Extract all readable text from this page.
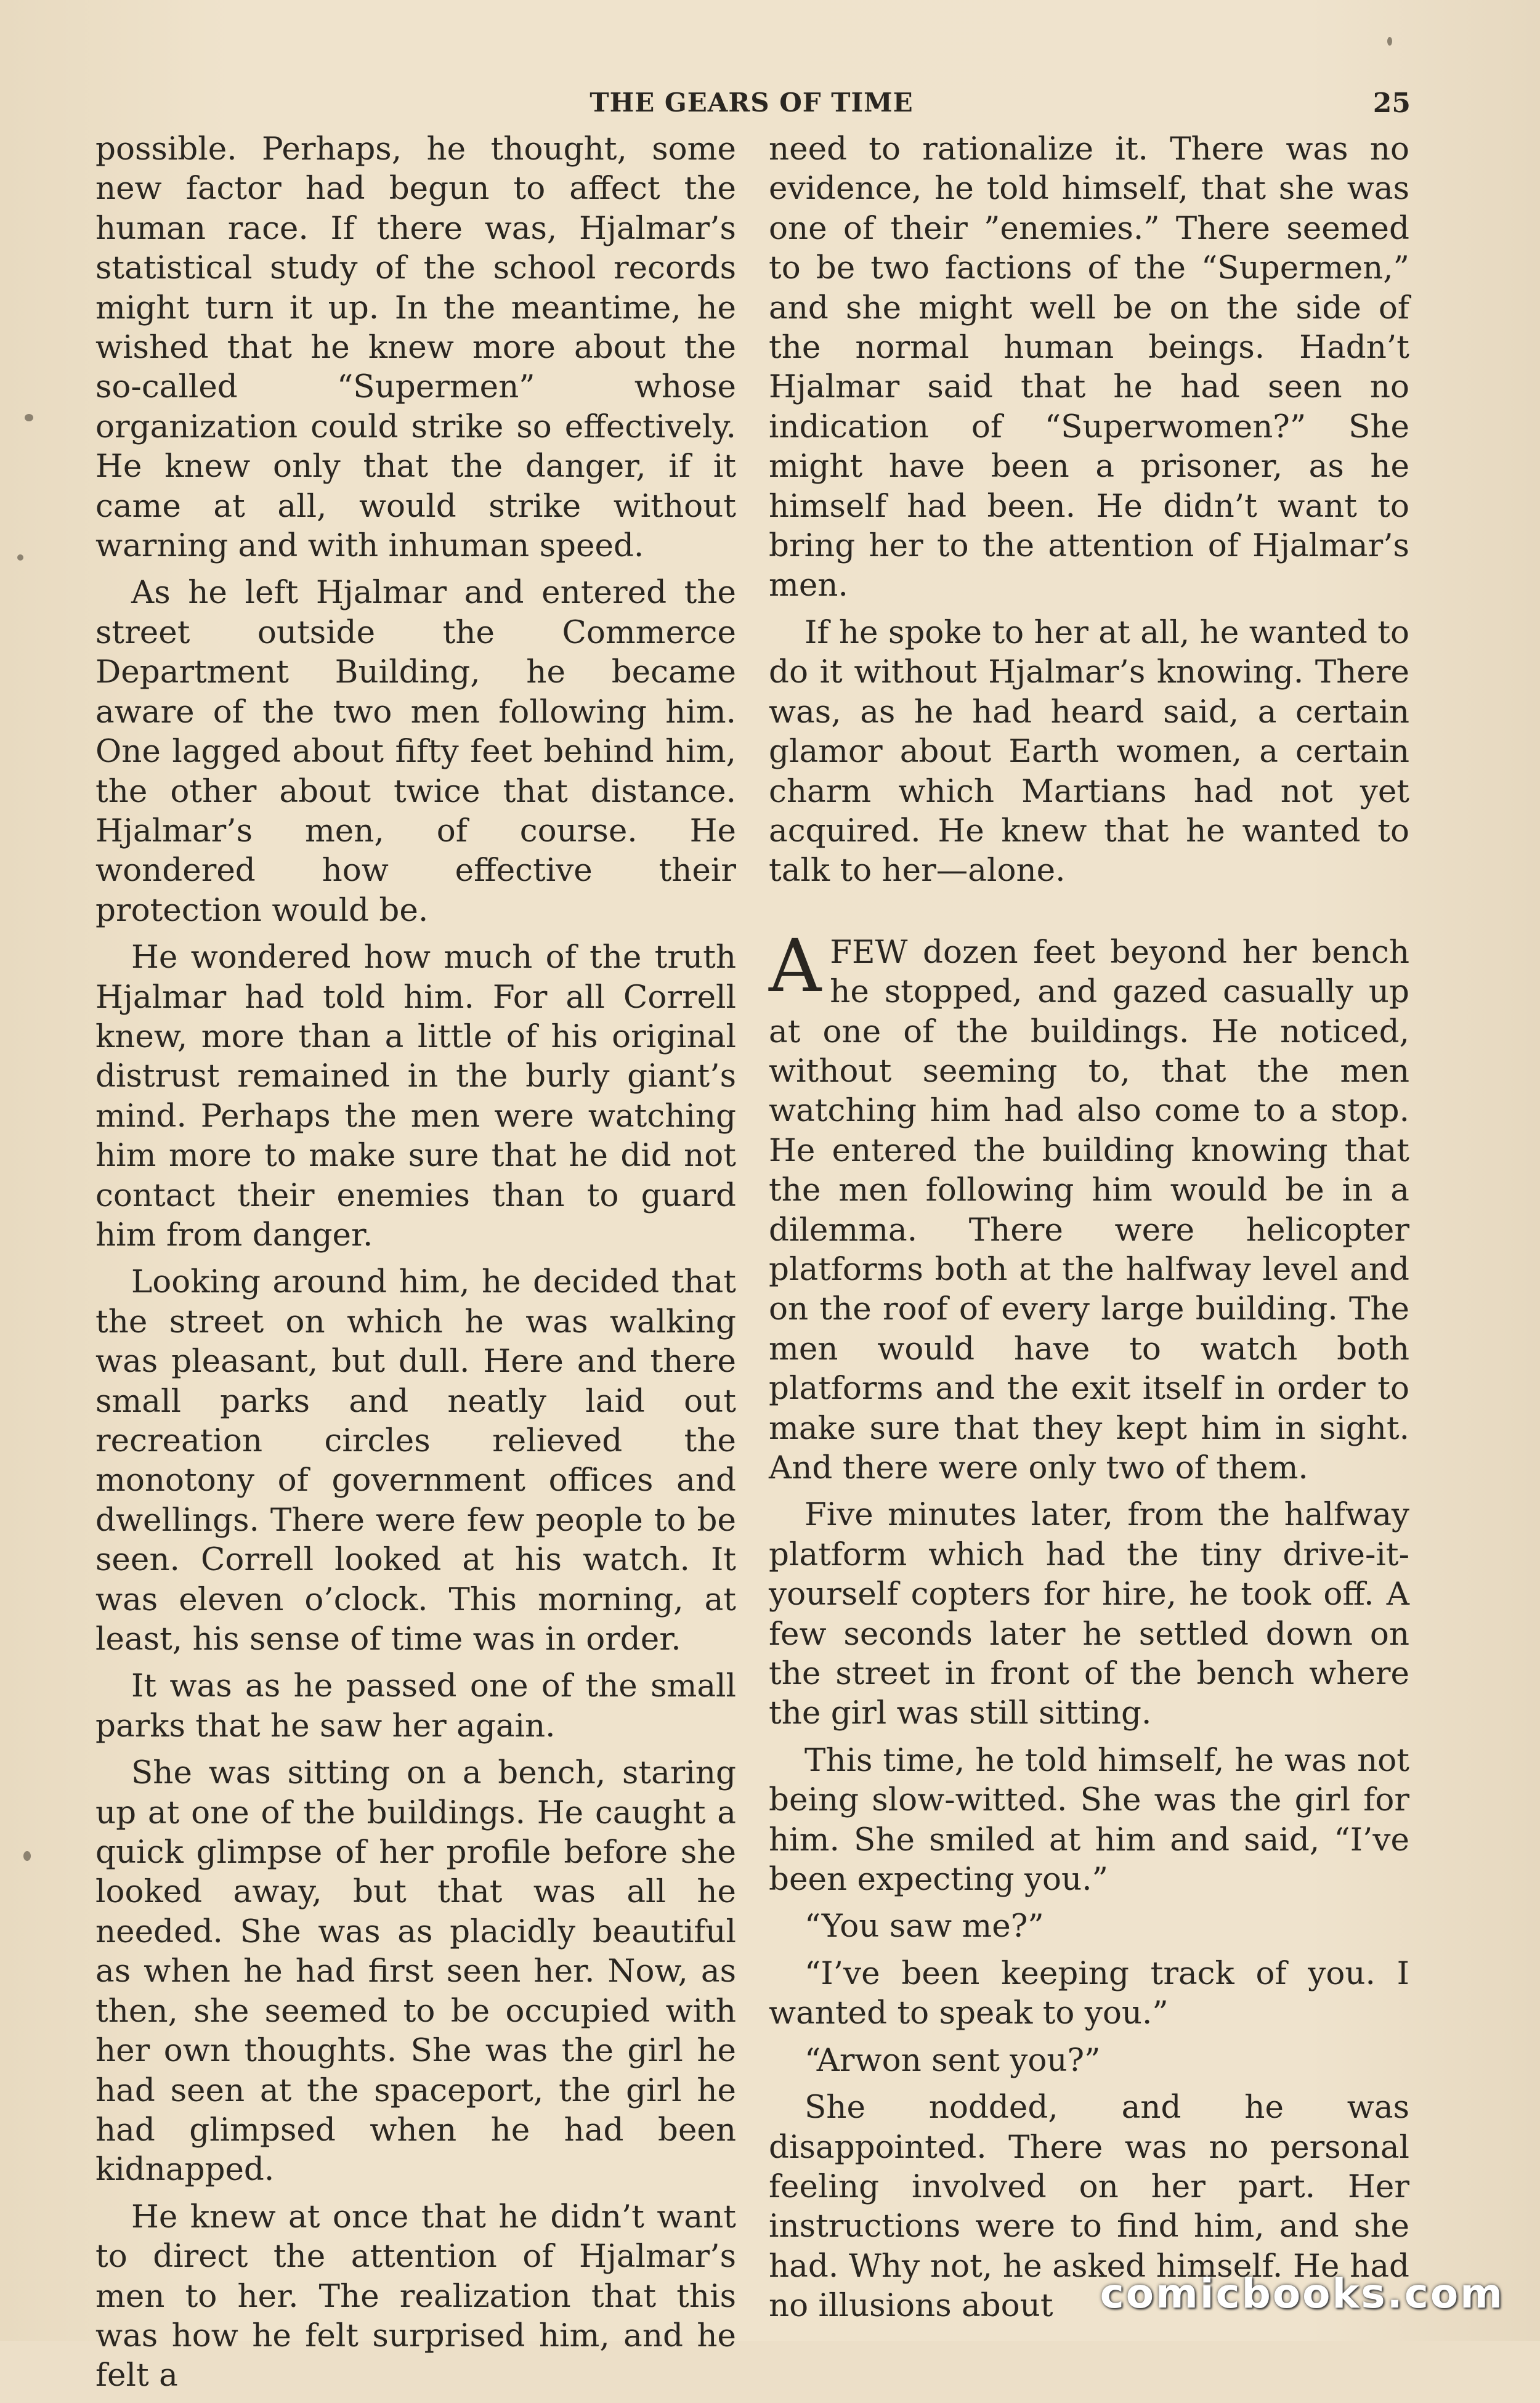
THE GEARS OF TIME	25

possible. Perhaps, he thought, some new factor had begun to affect the human race. If there was, Hjalmar’s statistical study of the school records might turn it up. In the meantime, he wished that he knew more about the so-called “Supermen” whose organization could strike so effectively. He knew only that the danger, if it came at all, would strike without warning and with inhuman speed.

As he left Hjalmar and entered the street outside the Commerce Department Building, he became aware of the two men following him. One lagged about fifty feet behind him, the other about twice that distance. Hjalmar’s men, of course. He wondered how effective their protection would be.

He wondered how much of the truth Hjalmar had told him. For all Correll knew, more than a little of his original distrust remained in the burly giant’s mind. Perhaps the men were watching him more to make sure that he did not contact their enemies than to guard him from danger.

Looking around him, he decided that the street on which he was walking was pleasant, but dull. Here and there small parks and neatly laid out recreation circles relieved the monotony of government offices and dwellings. There were few people to be seen. Correll looked at his watch. It was eleven o’clock. This morning, at least, his sense of time was in order.

It was as he passed one of the small parks that he saw her again.

She was sitting on a bench, staring up at one of the buildings. He caught a quick glimpse of her profile before she looked away, but that was all he needed. She was as placidly beautiful as when he had first seen her. Now, as then, she seemed to be occupied with her own thoughts. She was the girl he had seen at the spaceport, the girl he had glimpsed when he had been kidnapped.

He knew at once that he didn’t want to direct the attention of Hjalmar’s men to her. The realization that this was how he felt surprised him, and he felt a

need to rationalize it. There was no evidence, he told himself, that she was one of their ”enemies.” There seemed to be two factions of the “Supermen,” and she might well be on the side of the normal human beings. Hadn’t Hjalmar said that he had seen no indication of “Superwomen?” She might have been a prisoner, as he himself had been. He didn’t want to bring her to the attention of Hjalmar’s men.

If he spoke to her at all, he wanted to do it without Hjalmar’s knowing. There was, as he had heard said, a certain glamor about Earth women, a certain charm which Martians had not yet acquired. He knew that he wanted to talk to her—alone.

A FEW dozen feet beyond her bench he stopped, and gazed casually up at one of the buildings. He noticed, without seeming to, that the men watching him had also come to a stop. He entered the building knowing that the men following him would be in a dilemma. There were helicopter platforms both at the halfway level and on the roof of every large building. The men would have to watch both platforms and the exit itself in order to make sure that they kept him in sight. And there were only two of them.

Five minutes later, from the halfway platform which had the tiny drive-it-yourself copters for hire, he took off. A few seconds later he settled down on the street in front of the bench where the girl was still sitting.

This time, he told himself, he was not being slow-witted. She was the girl for him. She smiled at him and said, “I’ve been expecting you.”

“You saw me?”

“I’ve been keeping track of you. I wanted to speak to you.”

“Arwon sent you?”

She nodded, and he was disappointed. There was no personal feeling involved on her part. Her instructions were to find him, and she had. Why not, he asked himself. He had no illusions about	comicbooks.com
